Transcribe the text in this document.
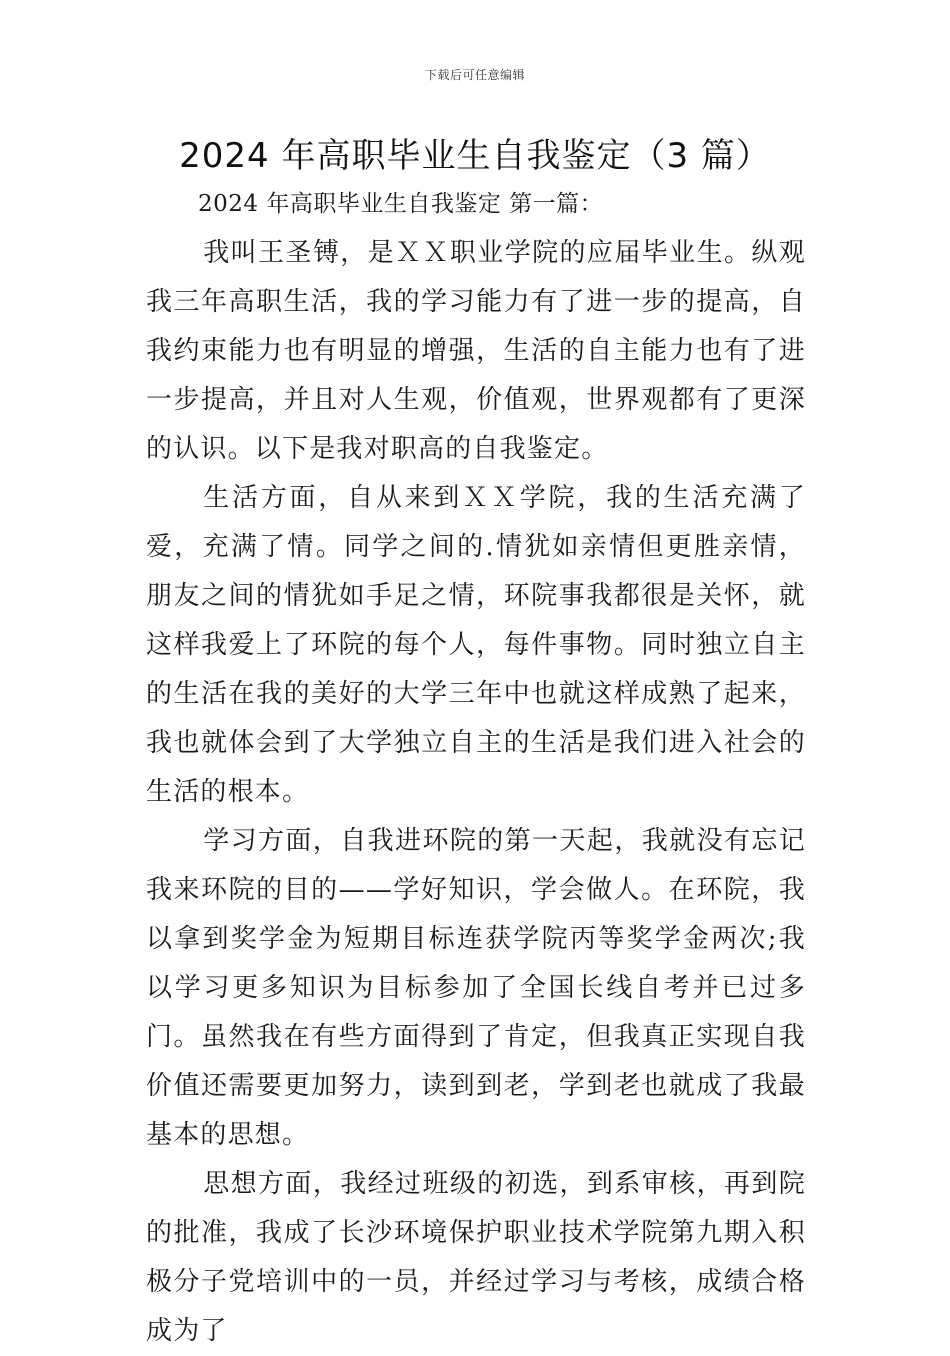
下载后可任意编辑
2024 年高职毕业生自我鉴定（3 篇）

2024 年高职毕业生自我鉴定 第一篇：

我叫王圣镈，是ＸＸ职业学院的应届毕业生。纵观我三年高职生活，我的学习能力有了进一步的提高，自我约束能力也有明显的增强，生活的自主能力也有了进一步提高，并且对人生观，价值观，世界观都有了更深的认识。以下是我对职高的自我鉴定。

生活方面，自从来到ＸＸ学院，我的生活充满了爱，充满了情。同学之间的.情犹如亲情但更胜亲情，朋友之间的情犹如手足之情，环院事我都很是关怀，就这样我爱上了环院的每个人，每件事物。同时独立自主的生活在我的美好的大学三年中也就这样成熟了起来，我也就体会到了大学独立自主的生活是我们进入社会的生活的根本。

学习方面，自我进环院的第一天起，我就没有忘记我来环院的目的——学好知识，学会做人。在环院，我以拿到奖学金为短期目标连获学院丙等奖学金两次;我以学习更多知识为目标参加了全国长线自考并已过多门。虽然我在有些方面得到了肯定，但我真正实现自我价值还需要更加努力，读到到老，学到老也就成了我最基本的思想。

思想方面，我经过班级的初选，到系审核，再到院的批准，我成了长沙环境保护职业技术学院第九期入积极分子党培训中的一员，并经过学习与考核，成绩合格成为了
